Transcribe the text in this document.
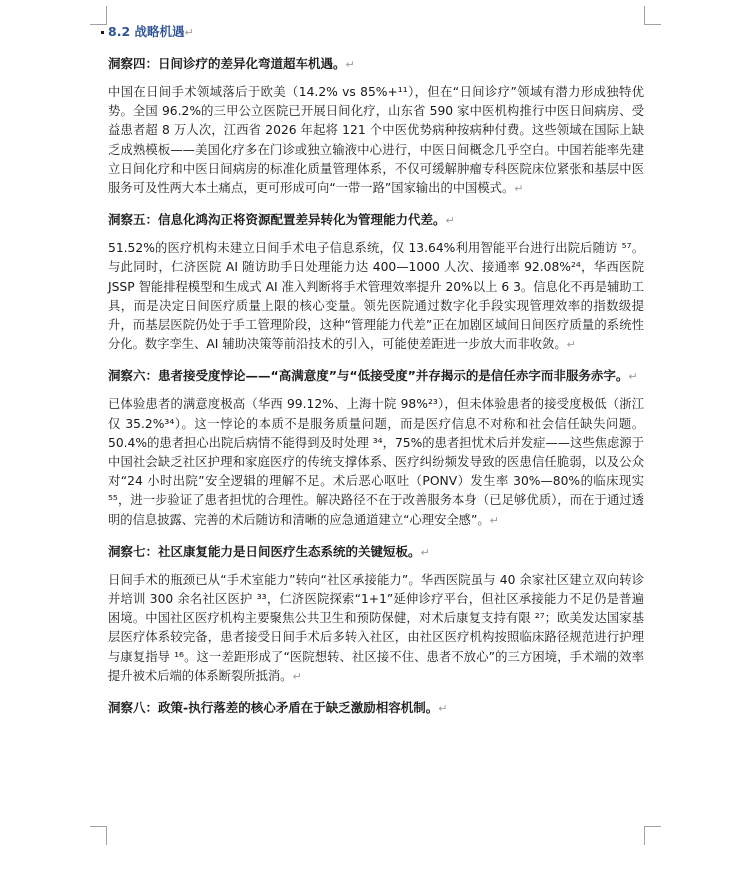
8.2 战略机遇↵
洞察四：日间诊疗的差异化弯道超车机遇。↵
中国在日间手术领域落后于欧美（14.2% vs 85%+¹¹），但在“日间诊疗”领域有潜力形成独特优势。全国 96.2%的三甲公立医院已开展日间化疗，山东省 590 家中医机构推行中医日间病房、受益患者超 8 万人次，江西省 2026 年起将 121 个中医优势病种按病种付费。这些领域在国际上缺乏成熟模板——美国化疗多在门诊或独立输液中心进行，中医日间概念几乎空白。中国若能率先建立日间化疗和中医日间病房的标准化质量管理体系，不仅可缓解肿瘤专科医院床位紧张和基层中医服务可及性两大本土痛点，更可形成可向“一带一路”国家输出的中国模式。↵
洞察五：信息化鸿沟正将资源配置差异转化为管理能力代差。↵
51.52%的医疗机构未建立日间手术电子信息系统，仅 13.64%利用智能平台进行出院后随访 ⁵⁷。与此同时，仁济医院 AI 随访助手日处理能力达 400—1000 人次、接通率 92.08%²⁴，华西医院 JSSP 智能排程模型和生成式 AI 准入判断将手术管理效率提升 20%以上 6 3。信息化不再是辅助工具，而是决定日间医疗质量上限的核心变量。领先医院通过数字化手段实现管理效率的指数级提升，而基层医院仍处于手工管理阶段，这种“管理能力代差”正在加剧区域间日间医疗质量的系统性分化。数字孪生、AI 辅助决策等前沿技术的引入，可能使差距进一步放大而非收敛。↵
洞察六：患者接受度悖论——“高满意度”与“低接受度”并存揭示的是信任赤字而非服务赤字。↵
已体验患者的满意度极高（华西 99.12%、上海十院 98%²³），但未体验患者的接受度极低（浙江仅 35.2%³⁴）。这一悖论的本质不是服务质量问题，而是医疗信息不对称和社会信任缺失问题。50.4%的患者担心出院后病情不能得到及时处理 ³⁴，75%的患者担忧术后并发症——这些焦虑源于中国社会缺乏社区护理和家庭医疗的传统支撑体系、医疗纠纷频发导致的医患信任脆弱，以及公众对“24 小时出院”安全逻辑的理解不足。术后恶心呕吐（PONV）发生率 30%—80%的临床现实 ⁵⁵，进一步验证了患者担忧的合理性。解决路径不在于改善服务本身（已足够优质），而在于通过透明的信息披露、完善的术后随访和清晰的应急通道建立“心理安全感”。↵
洞察七：社区康复能力是日间医疗生态系统的关键短板。↵
日间手术的瓶颈已从“手术室能力”转向“社区承接能力”。华西医院虽与 40 余家社区建立双向转诊并培训 300 余名社区医护 ³³，仁济医院探索“1+1”延伸诊疗平台，但社区承接能力不足仍是普遍困境。中国社区医疗机构主要聚焦公共卫生和预防保健，对术后康复支持有限 ²⁷；欧美发达国家基层医疗体系较完备，患者接受日间手术后多转入社区，由社区医疗机构按照临床路径规范进行护理与康复指导 ¹⁶。这一差距形成了“医院想转、社区接不住、患者不放心”的三方困境，手术端的效率提升被术后端的体系断裂所抵消。↵
洞察八：政策-执行落差的核心矛盾在于缺乏激励相容机制。↵
